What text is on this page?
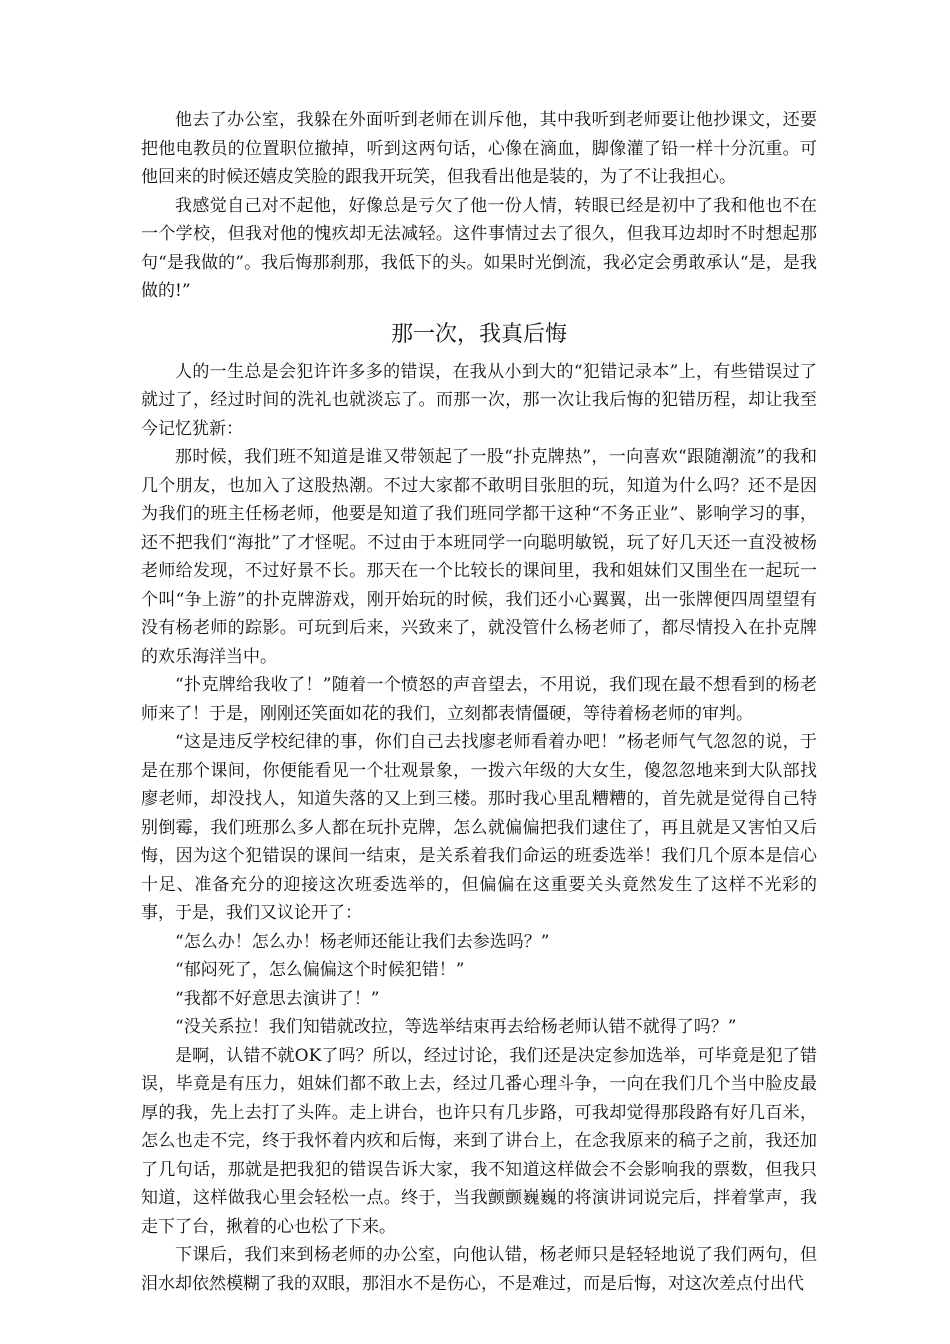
他去了办公室，我躲在外面听到老师在训斥他，其中我听到老师要让他抄课文，还要把他电教员的位置职位撤掉，听到这两句话，心像在滴血，脚像灌了铅一样十分沉重。可他回来的时候还嬉皮笑脸的跟我开玩笑，但我看出他是装的，为了不让我担心。

我感觉自己对不起他，好像总是亏欠了他一份人情，转眼已经是初中了我和他也不在一个学校，但我对他的愧疚却无法减轻。这件事情过去了很久，但我耳边却时不时想起那句“是我做的”。我后悔那刹那，我低下的头。如果时光倒流，我必定会勇敢承认“是，是我做的!”

那一次，我真后悔

人的一生总是会犯许许多多的错误，在我从小到大的“犯错记录本”上，有些错误过了就过了，经过时间的洗礼也就淡忘了。而那一次，那一次让我后悔的犯错历程，却让我至今记忆犹新：

那时候，我们班不知道是谁又带领起了一股“扑克牌热”，一向喜欢“跟随潮流”的我和几个朋友，也加入了这股热潮。不过大家都不敢明目张胆的玩，知道为什么吗？还不是因为我们的班主任杨老师，他要是知道了我们班同学都干这种“不务正业”、影响学习的事，还不把我们“海批”了才怪呢。不过由于本班同学一向聪明敏锐，玩了好几天还一直没被杨老师给发现，不过好景不长。那天在一个比较长的课间里，我和姐妹们又围坐在一起玩一个叫“争上游”的扑克牌游戏，刚开始玩的时候，我们还小心翼翼，出一张牌便四周望望有没有杨老师的踪影。可玩到后来，兴致来了，就没管什么杨老师了，都尽情投入在扑克牌的欢乐海洋当中。

“扑克牌给我收了！”随着一个愤怒的声音望去，不用说，我们现在最不想看到的杨老师来了！于是，刚刚还笑面如花的我们，立刻都表情僵硬，等待着杨老师的审判。

“这是违反学校纪律的事，你们自己去找廖老师看着办吧！”杨老师气气忽忽的说，于是在那个课间，你便能看见一个壮观景象，一拨六年级的大女生，傻忽忽地来到大队部找廖老师，却没找人，知道失落的又上到三楼。那时我心里乱糟糟的，首先就是觉得自己特别倒霉，我们班那么多人都在玩扑克牌，怎么就偏偏把我们逮住了，再且就是又害怕又后悔，因为这个犯错误的课间一结束，是关系着我们命运的班委选举！我们几个原本是信心十足、准备充分的迎接这次班委选举的，但偏偏在这重要关头竟然发生了这样不光彩的事，于是，我们又议论开了：

“怎么办！怎么办！杨老师还能让我们去参选吗？”

“郁闷死了，怎么偏偏这个时候犯错！”

“我都不好意思去演讲了！”

“没关系拉！我们知错就改拉，等选举结束再去给杨老师认错不就得了吗？”

是啊，认错不就OK了吗？所以，经过讨论，我们还是决定参加选举，可毕竟是犯了错误，毕竟是有压力，姐妹们都不敢上去，经过几番心理斗争，一向在我们几个当中脸皮最厚的我，先上去打了头阵。走上讲台，也许只有几步路，可我却觉得那段路有好几百米，怎么也走不完，终于我怀着内疚和后悔，来到了讲台上，在念我原来的稿子之前，我还加了几句话，那就是把我犯的错误告诉大家，我不知道这样做会不会影响我的票数，但我只知道，这样做我心里会轻松一点。终于，当我颤颤巍巍的将演讲词说完后，拌着掌声，我走下了台，揪着的心也松了下来。

下课后，我们来到杨老师的办公室，向他认错，杨老师只是轻轻地说了我们两句，但泪水却依然模糊了我的双眼，那泪水不是伤心，不是难过，而是后悔，对这次差点付出代
